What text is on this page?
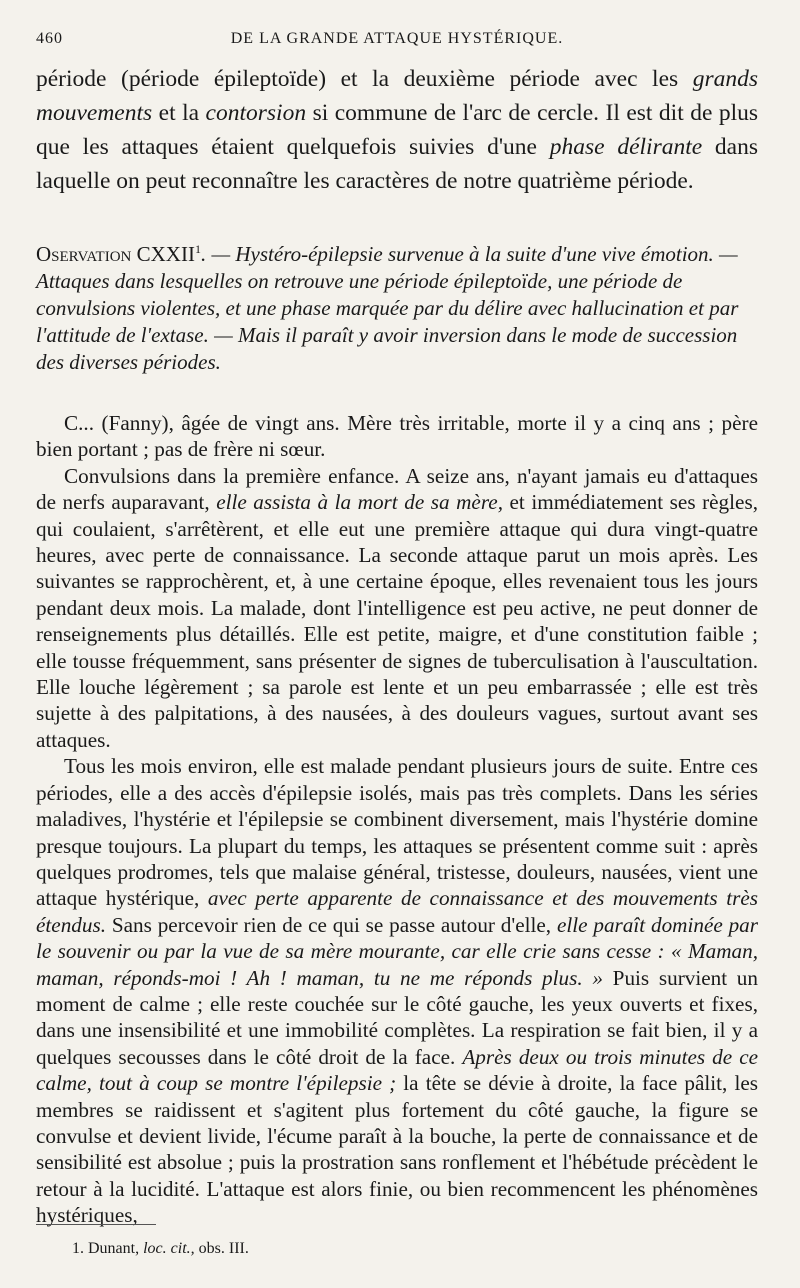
460	DE LA GRANDE ATTAQUE HYSTÉRIQUE.

période (période épileptoïde) et la deuxième période avec les grands mouvements et la contorsion si commune de l'arc de cercle. Il est dit de plus que les attaques étaient quelquefois suivies d'une phase délirante dans laquelle on peut reconnaître les caractères de notre quatrième période.

Oservation CXXII$^1$. — Hystéro-épilepsie survenue à la suite d'une vive émotion. — Attaques dans lesquelles on retrouve une période épileptoïde, une période de convulsions violentes, et une phase marquée par du délire avec hallucination et par l'attitude de l'extase. — Mais il paraît y avoir inversion dans le mode de succession des diverses périodes.

C... (Fanny), âgée de vingt ans. Mère très irritable, morte il y a cinq ans ; père bien portant ; pas de frère ni sœur.

Convulsions dans la première enfance. A seize ans, n'ayant jamais eu d'attaques de nerfs auparavant, elle assista à la mort de sa mère, et immédiatement ses règles, qui coulaient, s'arrêtèrent, et elle eut une première attaque qui dura vingt-quatre heures, avec perte de connaissance. La seconde attaque parut un mois après. Les suivantes se rapprochèrent, et, à une certaine époque, elles revenaient tous les jours pendant deux mois. La malade, dont l'intelligence est peu active, ne peut donner de renseignements plus détaillés. Elle est petite, maigre, et d'une constitution faible ; elle tousse fréquemment, sans présenter de signes de tuberculisation à l'auscultation. Elle louche légèrement ; sa parole est lente et un peu embarrassée ; elle est très sujette à des palpitations, à des nausées, à des douleurs vagues, surtout avant ses attaques.

Tous les mois environ, elle est malade pendant plusieurs jours de suite. Entre ces périodes, elle a des accès d'épilepsie isolés, mais pas très complets. Dans les séries maladives, l'hystérie et l'épilepsie se combinent diversement, mais l'hystérie domine presque toujours. La plupart du temps, les attaques se présentent comme suit : après quelques prodromes, tels que malaise général, tristesse, douleurs, nausées, vient une attaque hystérique, avec perte apparente de connaissance et des mouvements très étendus. Sans percevoir rien de ce qui se passe autour d'elle, elle paraît dominée par le souvenir ou par la vue de sa mère mourante, car elle crie sans cesse : « Maman, maman, réponds-moi ! Ah ! maman, tu ne me réponds plus. » Puis survient un moment de calme ; elle reste couchée sur le côté gauche, les yeux ouverts et fixes, dans une insensibilité et une immobilité complètes. La respiration se fait bien, il y a quelques secousses dans le côté droit de la face. Après deux ou trois minutes de ce calme, tout à coup se montre l'épilepsie ; la tête se dévie à droite, la face pâlit, les membres se raidissent et s'agitent plus fortement du côté gauche, la figure se convulse et devient livide, l'écume paraît à la bouche, la perte de connaissance et de sensibilité est absolue ; puis la prostration sans ronflement et l'hébétude précèdent le retour à la lucidité. L'attaque est alors finie, ou bien recommencent les phénomènes hystériques,

1. Dunant, loc. cit., obs. III.
